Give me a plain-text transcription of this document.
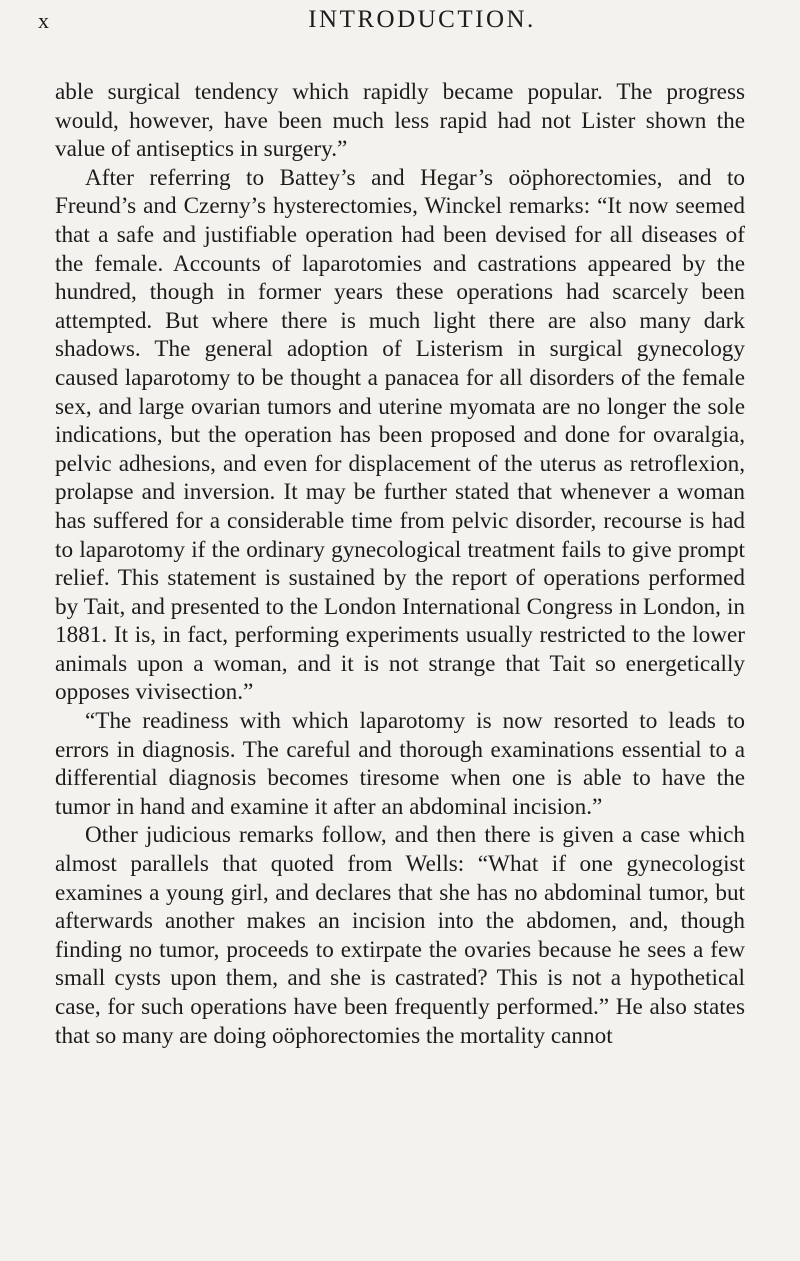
x	INTRODUCTION.

able surgical tendency which rapidly became popular. The progress would, however, have been much less rapid had not Lister shown the value of antiseptics in surgery.”

After referring to Battey’s and Hegar’s oöphorectomies, and to Freund’s and Czerny’s hysterectomies, Winckel remarks: “It now seemed that a safe and justifiable operation had been devised for all diseases of the female. Accounts of laparotomies and castrations appeared by the hundred, though in former years these operations had scarcely been attempted. But where there is much light there are also many dark shadows. The general adoption of Listerism in surgical gynecology caused laparotomy to be thought a panacea for all disorders of the female sex, and large ovarian tumors and uterine myomata are no longer the sole indications, but the operation has been proposed and done for ovaralgia, pelvic adhesions, and even for displacement of the uterus as retroflexion, prolapse and inversion. It may be further stated that whenever a woman has suffered for a considerable time from pelvic disorder, recourse is had to laparotomy if the ordinary gynecological treatment fails to give prompt relief. This statement is sustained by the report of operations performed by Tait, and presented to the London International Congress in London, in 1881. It is, in fact, performing experiments usually restricted to the lower animals upon a woman, and it is not strange that Tait so energetically opposes vivisection.”

“The readiness with which laparotomy is now resorted to leads to errors in diagnosis. The careful and thorough examinations essential to a differential diagnosis becomes tiresome when one is able to have the tumor in hand and examine it after an abdominal incision.”

Other judicious remarks follow, and then there is given a case which almost parallels that quoted from Wells: “What if one gynecologist examines a young girl, and declares that she has no abdominal tumor, but afterwards another makes an incision into the abdomen, and, though finding no tumor, proceeds to extirpate the ovaries because he sees a few small cysts upon them, and she is castrated? This is not a hypothetical case, for such operations have been frequently performed.” He also states that so many are doing oöphorectomies the mortality cannot
